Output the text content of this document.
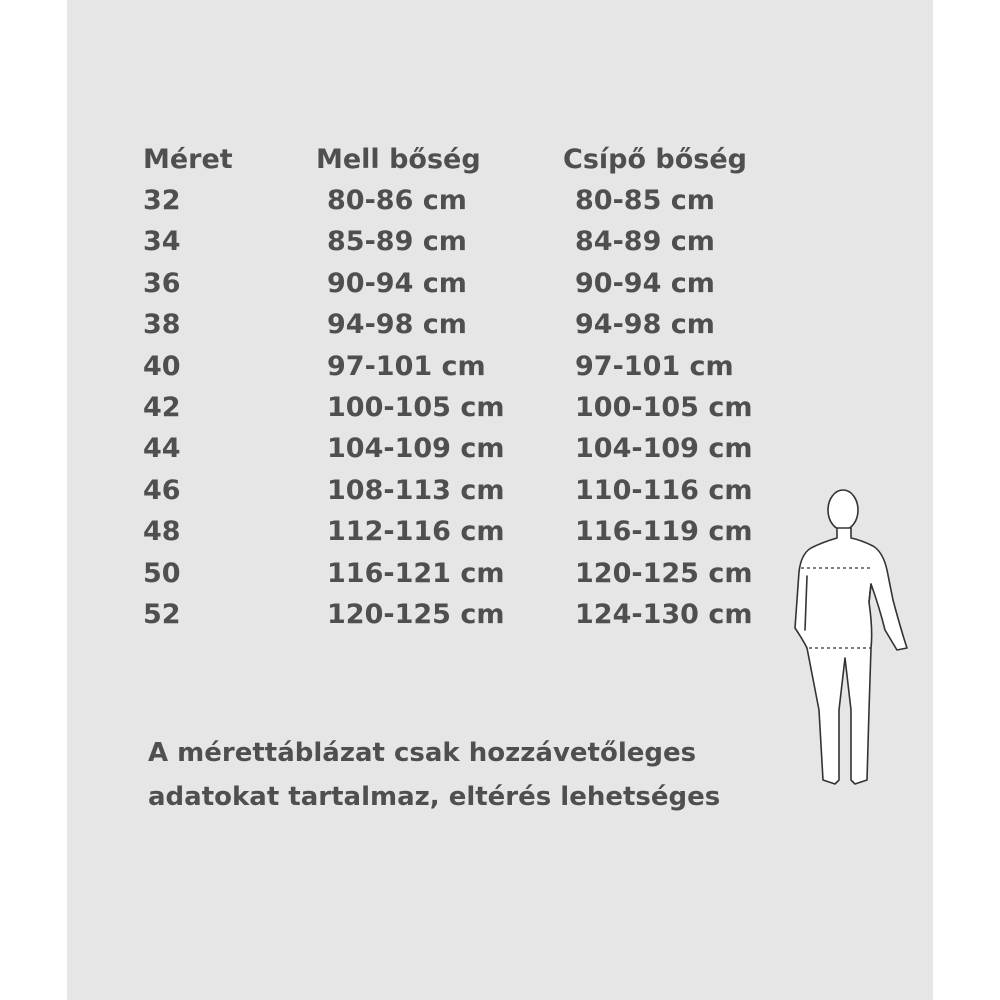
Méret	Mell bőség	Csípő bőség
32	80-86 cm	80-85 cm
34	85-89 cm	84-89 cm
36	90-94 cm	90-94 cm
38	94-98 cm	94-98 cm
40	97-101 cm	97-101 cm
42	100-105 cm	100-105 cm
44	104-109 cm	104-109 cm
46	108-113 cm	110-116 cm
48	112-116 cm	116-119 cm
50	116-121 cm	120-125 cm
52	120-125 cm	124-130 cm
A mérettáblázat csak hozzávetőleges
adatokat tartalmaz, eltérés lehetséges
